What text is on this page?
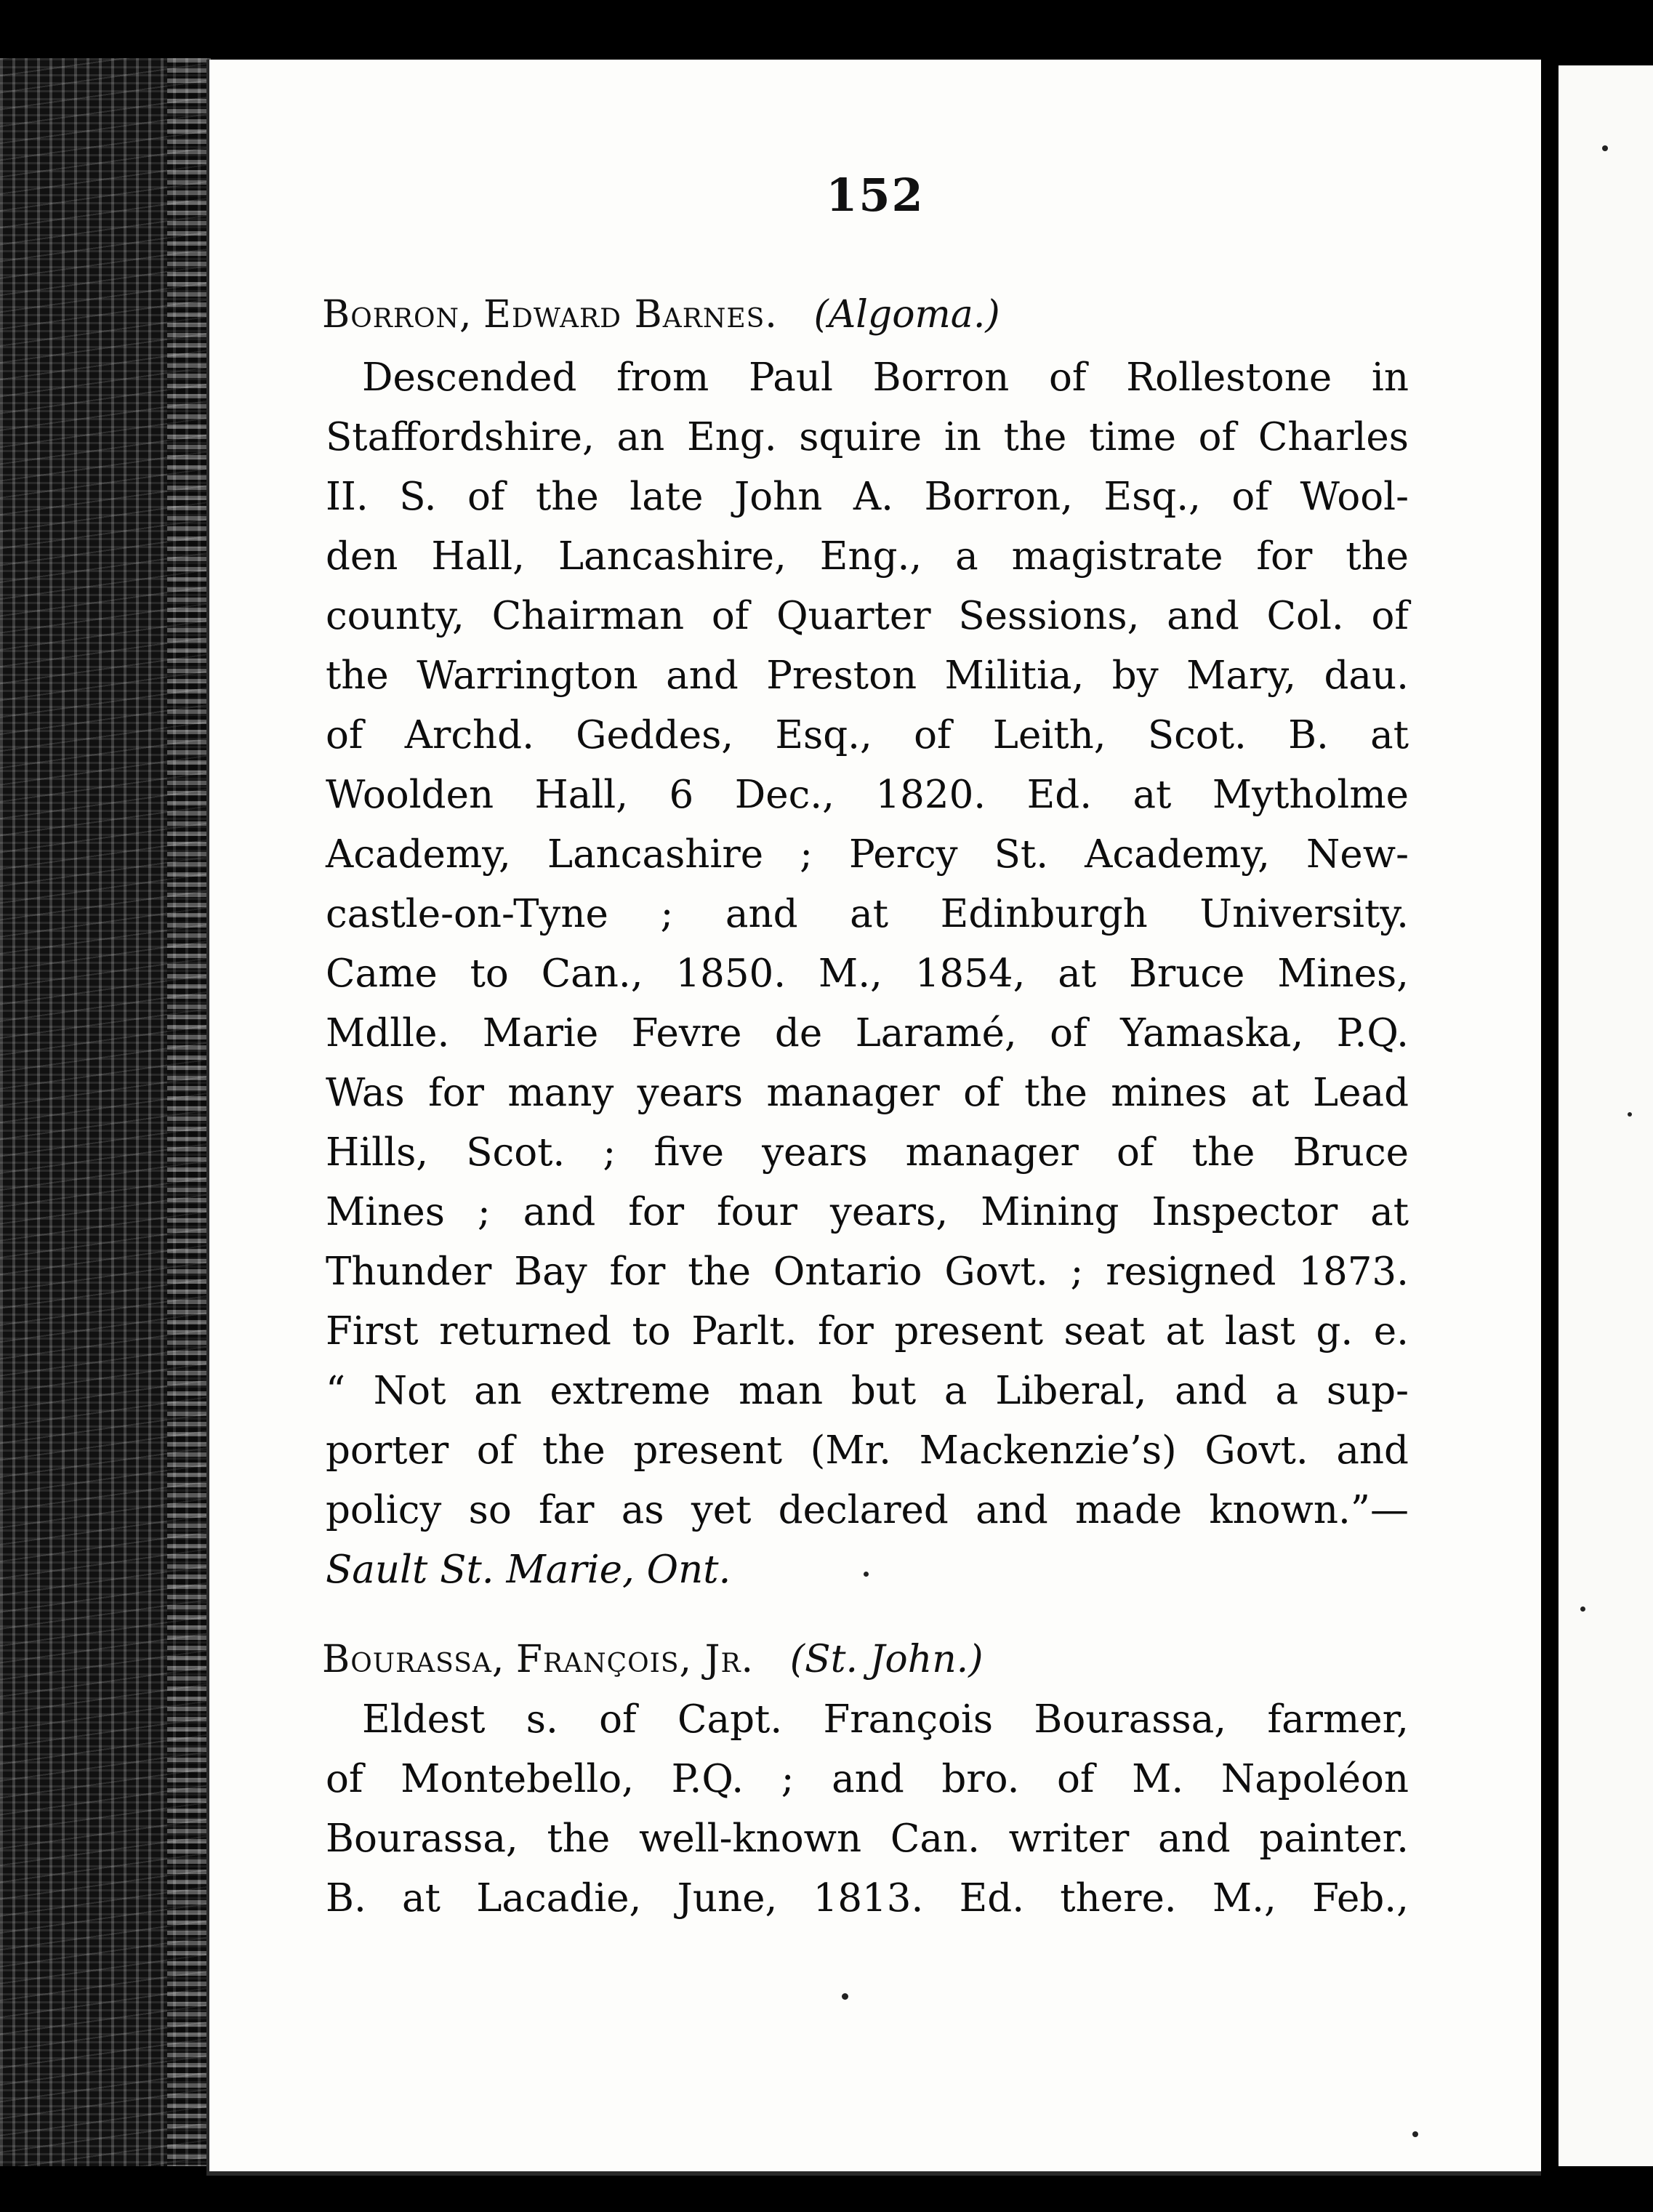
152
Borron, Edward Barnes. (Algoma.)
Descended from Paul Borron of Rollestone in
Staffordshire, an Eng. squire in the time of Charles
II. S. of the late John A. Borron, Esq., of Wool-
den Hall, Lancashire, Eng., a magistrate for the
county, Chairman of Quarter Sessions, and Col. of
the Warrington and Preston Militia, by Mary, dau.
of Archd. Geddes, Esq., of Leith, Scot. B. at
Woolden Hall, 6 Dec., 1820. Ed. at Mytholme
Academy, Lancashire ; Percy St. Academy, New-
castle-on-Tyne ; and at Edinburgh University.
Came to Can., 1850. M., 1854, at Bruce Mines,
Mdlle. Marie Fevre de Laramé, of Yamaska, P.Q.
Was for many years manager of the mines at Lead
Hills, Scot. ; five years manager of the Bruce
Mines ; and for four years, Mining Inspector at
Thunder Bay for the Ontario Govt. ; resigned 1873.
First returned to Parlt. for present seat at last g. e.
“ Not an extreme man but a Liberal, and a sup-
porter of the present (Mr. Mackenzie’s) Govt. and
policy so far as yet declared and made known.”—
Sault St. Marie, Ont.
Bourassa, François, Jr. (St. John.)
Eldest s. of Capt. François Bourassa, farmer,
of Montebello, P.Q. ; and bro. of M. Napoléon
Bourassa, the well-known Can. writer and painter.
B. at Lacadie, June, 1813. Ed. there. M., Feb.,
